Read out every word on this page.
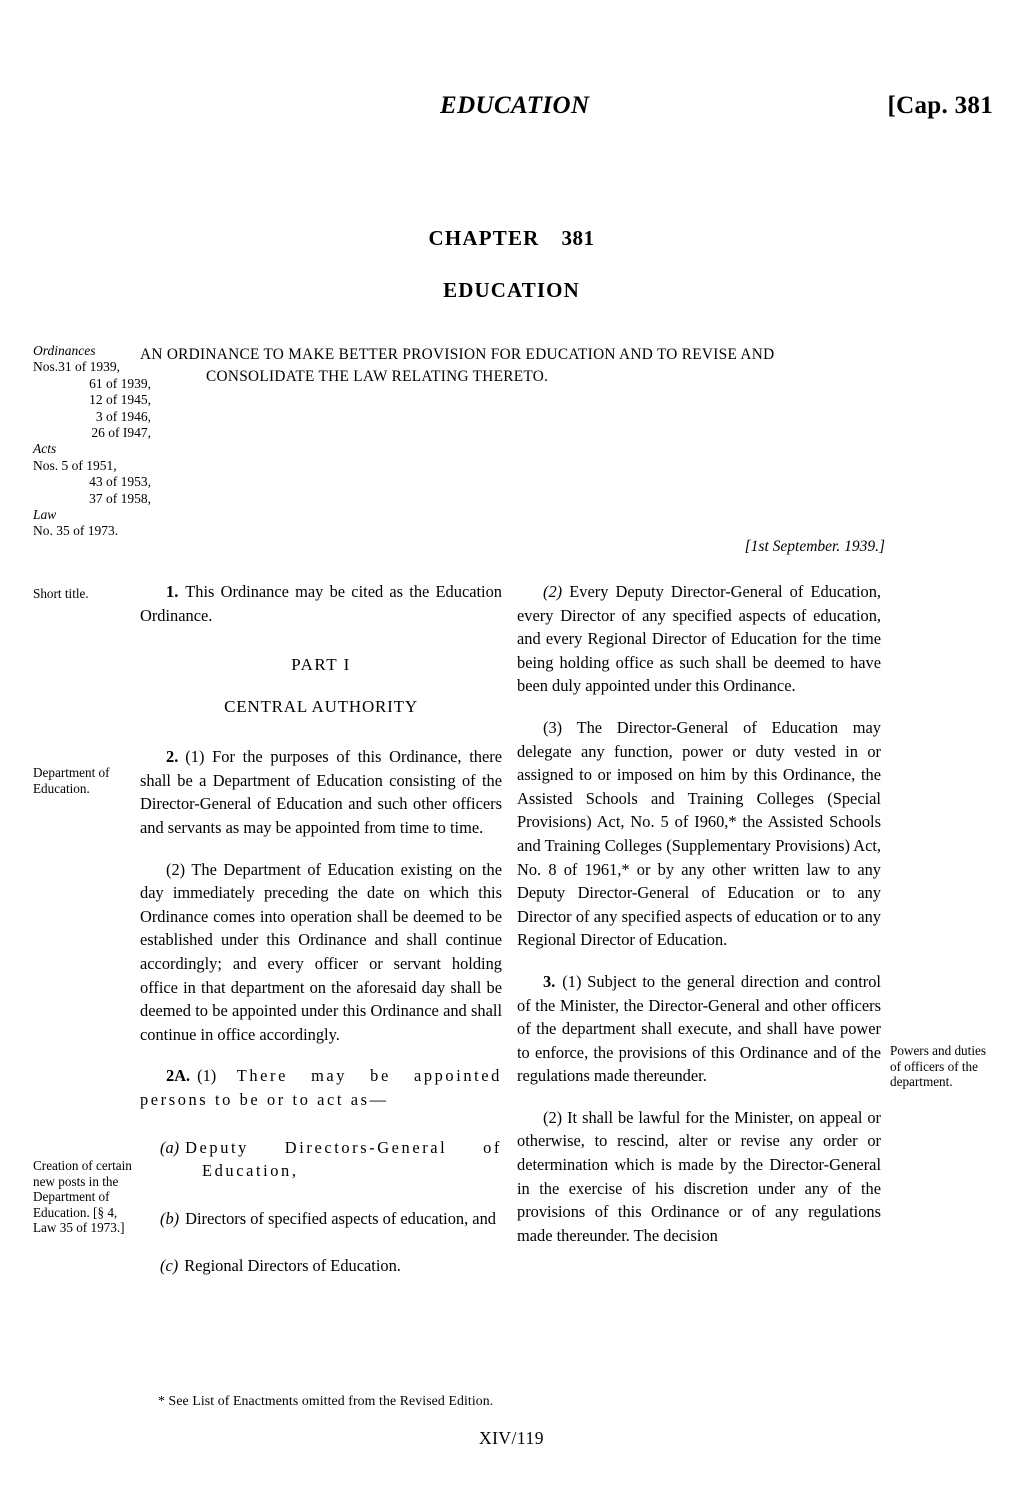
EDUCATION	[Cap. 381
CHAPTER 381
EDUCATION
Ordinances
Nos.31 of 1939,
61 of 1939,
12 of 1945,
3 of 1946,
26 of I947,
Acts
Nos. 5 of 1951,
43 of 1953,
37 of 1958,
Law
No. 35 of 1973.
AN ORDINANCE TO MAKE BETTER PROVISION FOR EDUCATION AND TO REVISE AND
CONSOLIDATE THE LAW RELATING THERETO.
[1st September. 1939.]
Short title.
Department of Education.
Creation of certain new posts in the Department of Education. [§ 4, Law 35 of 1973.]
Powers and duties of officers of the department.

1. This Ordinance may be cited as the Education Ordinance.

PART I
CENTRAL AUTHORITY

2. (1) For the purposes of this Ordinance, there shall be a Department of Education consisting of the Director-General of Education and such other officers and servants as may be appointed from time to time.

(2) The Department of Education existing on the day immediately preceding the date on which this Ordinance comes into operation shall be deemed to be established under this Ordinance and shall continue accordingly; and every officer or servant holding office in that department on the aforesaid day shall be deemed to be appointed under this Ordinance and shall continue in office accordingly.

2A. (1) There may be appointed persons to be or to act as—

(a) Deputy Directors-General of Education,

(b) Directors of specified aspects of education, and

(c) Regional Directors of Education.

(2) Every Deputy Director-General of Education, every Director of any specified aspects of education, and every Regional Director of Education for the time being holding office as such shall be deemed to have been duly appointed under this Ordinance.

(3) The Director-General of Education may delegate any function, power or duty vested in or assigned to or imposed on him by this Ordinance, the Assisted Schools and Training Colleges (Special Provisions) Act, No. 5 of I960,* the Assisted Schools and Training Colleges (Supplementary Provisions) Act, No. 8 of 1961,* or by any other written law to any Deputy Director-General of Education or to any Director of any specified aspects of education or to any Regional Director of Education.

3. (1) Subject to the general direction and control of the Minister, the Director-General and other officers of the department shall execute, and shall have power to enforce, the provisions of this Ordinance and of the regulations made thereunder.

(2) It shall be lawful for the Minister, on appeal or otherwise, to rescind, alter or revise any order or determination which is made by the Director-General in the exercise of his discretion under any of the provisions of this Ordinance or of any regulations made thereunder. The decision

* See List of Enactments omitted from the Revised Edition.
XIV/119
